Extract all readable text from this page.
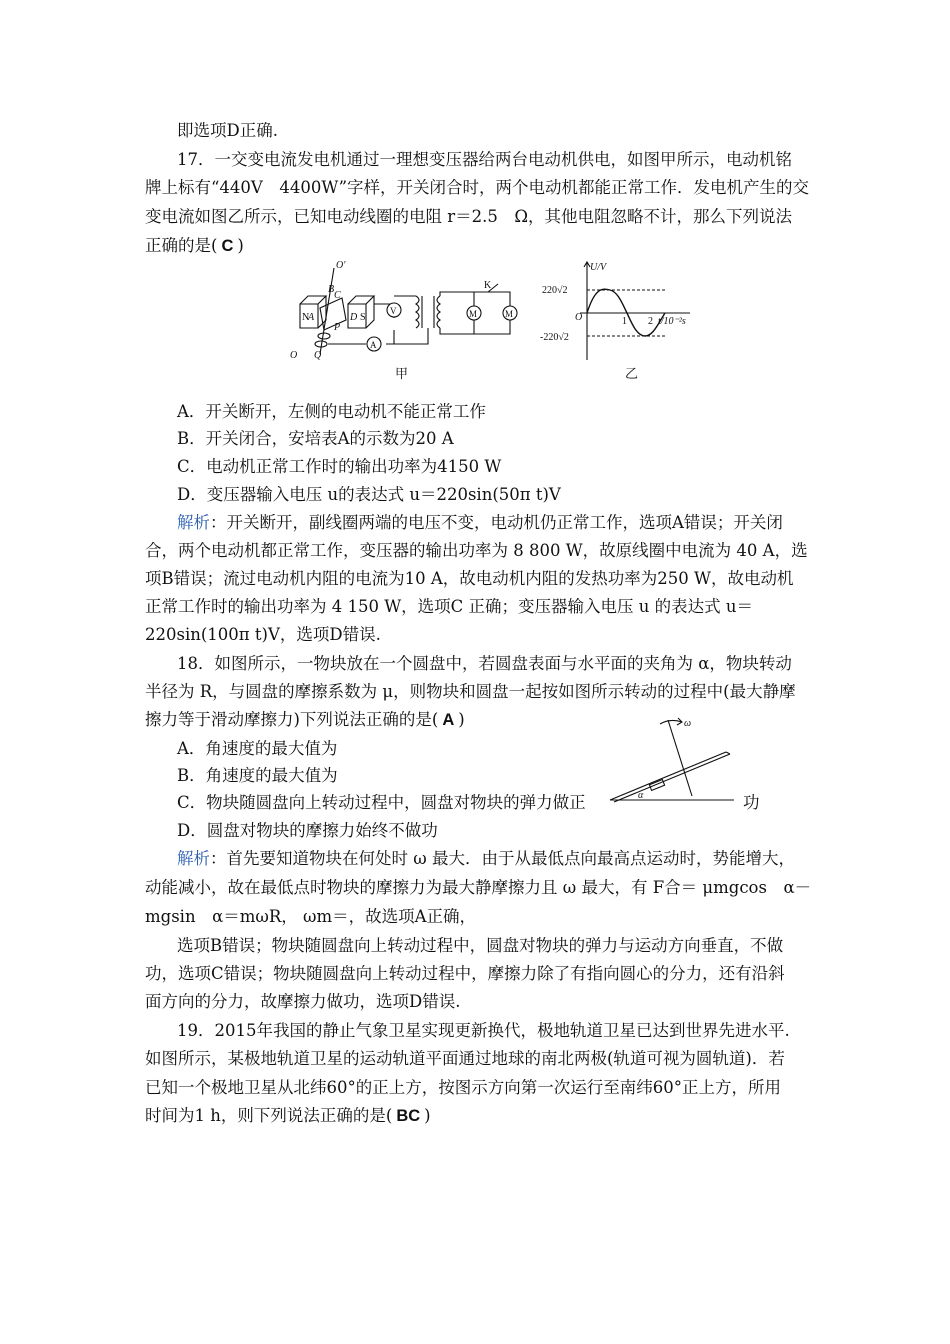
即选项D正确.
17．一交变电流发电机通过一理想变压器给两台电动机供电，如图甲所示，电动机铭
牌上标有“440V　4400W”字样，开关闭合时，两个电动机都能正常工作．发电机产生的交
变电流如图乙所示，已知电动线圈的电阻 r＝2.5　Ω，其他电阻忽略不计，那么下列说法
正确的是( C )
O′
B
A
C
D S
N
P
Q
O
V
A
K
M	M
甲
U/V
220√2
O
-220√2
1 2 t/10⁻²s
乙
A．开关断开，左侧的电动机不能正常工作
B．开关闭合，安培表A的示数为20 A
C．电动机正常工作时的输出功率为4150 W
D．变压器输入电压 u的表达式 u＝220sin(50π t)V
解析：开关断开，副线圈两端的电压不变，电动机仍正常工作，选项A错误；开关闭
合，两个电动机都正常工作，变压器的输出功率为 8 800 W，故原线圈中电流为 40 A，选
项B错误；流过电动机内阻的电流为10 A，故电动机内阻的发热功率为250 W，故电动机
正常工作时的输出功率为 4 150 W，选项C 正确；变压器输入电压 u 的表达式 u＝
220sin(100π t)V，选项D错误.
18．如图所示，一物块放在一个圆盘中，若圆盘表面与水平面的夹角为 α，物块转动
半径为 R，与圆盘的摩擦系数为 μ，则物块和圆盘一起按如图所示转动的过程中(最大静摩
擦力等于滑动摩擦力)下列说法正确的是( A )
A．角速度的最大值为
B．角速度的最大值为
C．物块随圆盘向上转动过程中，圆盘对物块的弹力做正	功
D．圆盘对物块的摩擦力始终不做功
ω
α
解析：首先要知道物块在何处时 ω 最大．由于从最低点向最高点运动时，势能增大，
动能减小，故在最低点时物块的摩擦力为最大静摩擦力且 ω 最大，有 F合＝ μmgcos　α－
mgsin　α＝mωR， ωm＝，故选项A正确，
选项B错误；物块随圆盘向上转动过程中，圆盘对物块的弹力与运动方向垂直，不做
功，选项C错误；物块随圆盘向上转动过程中，摩擦力除了有指向圆心的分力，还有沿斜
面方向的分力，故摩擦力做功，选项D错误.
19．2015年我国的静止气象卫星实现更新换代，极地轨道卫星已达到世界先进水平.
如图所示，某极地轨道卫星的运动轨道平面通过地球的南北两极(轨道可视为圆轨道)．若
已知一个极地卫星从北纬60°的正上方，按图示方向第一次运行至南纬60°正上方，所用
时间为1 h，则下列说法正确的是( BC )
